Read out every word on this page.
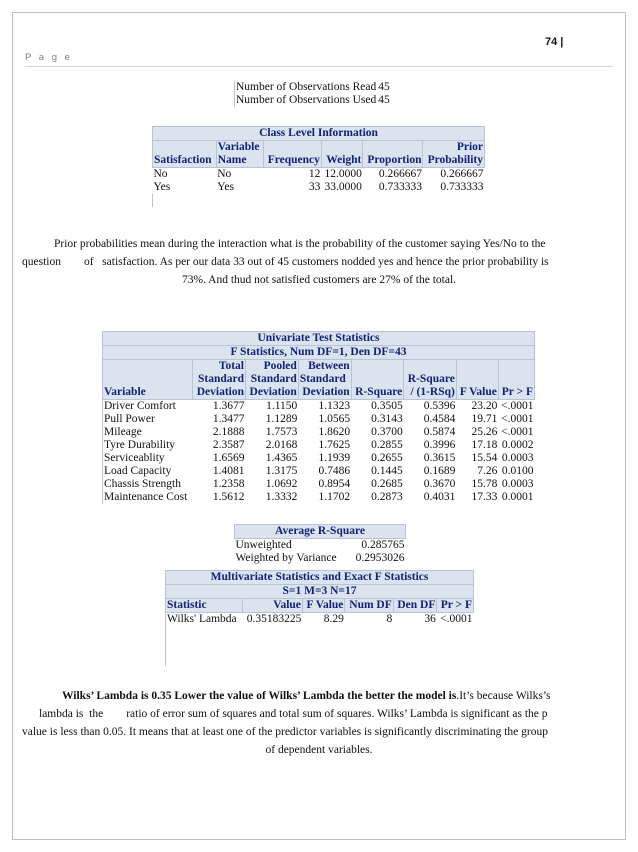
74 |
P a g e
Number of Observations Read	45
Number of Observations Used	45
Class Level Information					
Satisfaction	Variable	Frequency	Weight	Proportion	Prior
	Name				Probability
No	No	12	12.0000	0.266667	0.266667
Yes	Yes	33	33.0000	0.733333	0.733333

Prior probabilities mean during the interaction what is the probability of the customer saying Yes/No to the

question        of   satisfaction. As per our data 33 out of 45 customers nodded yes and hence the prior probability is

73%. And thud not satisfied customers are 27% of the total.

Univariate Test Statistics							
F Statistics, Num DF=1, Den DF=43							
Variable	Total	Pooled	Between	R-Square		F Value	Pr > F
	Standard	Standard	Standard		R-Square		
	Deviation	Deviation	Deviation		/ (1-RSq)		

Driver Comfort	1.3677	1.1150	1.1323	0.3505	0.5396	23.20	<.0001
Pull Power	1.3477	1.1289	1.0565	0.3143	0.4584	19.71	<.0001
Mileage	2.1888	1.7573	1.8620	0.3700	0.5874	25.26	<.0001
Tyre Durability	2.3587	2.0168	1.7625	0.2855	0.3996	17.18	0.0002
Serviceablity	1.6569	1.4365	1.1939	0.2655	0.3615	15.54	0.0003
Load Capacity	1.4081	1.3175	0.7486	0.1445	0.1689	7.26	0.0100
Chassis Strength	1.2358	1.0692	0.8954	0.2685	0.3670	15.78	0.0003
Maintenance Cost	1.5612	1.3332	1.1702	0.2873	0.4031	17.33	0.0001
Average R-Square	
Unweighted	0.285765
Weighted by Variance	0.2953026
Multivariate Statistics and Exact F Statistics					
S=1 M=3 N=17					
Statistic	Value	F Value	Num DF	Den DF	Pr > F
Wilks' Lambda	0.35183225	8.29	8	36	<.0001

Wilks’ Lambda is 0.35 Lower the value of Wilks’ Lambda the better the model is.It’s because Wilks’s

lambda is  the        ratio of error sum of squares and total sum of squares. Wilks’ Lambda is significant as the p

value is less than 0.05. It means that at least one of the predictor variables is significantly discriminating the group

of dependent variables.
